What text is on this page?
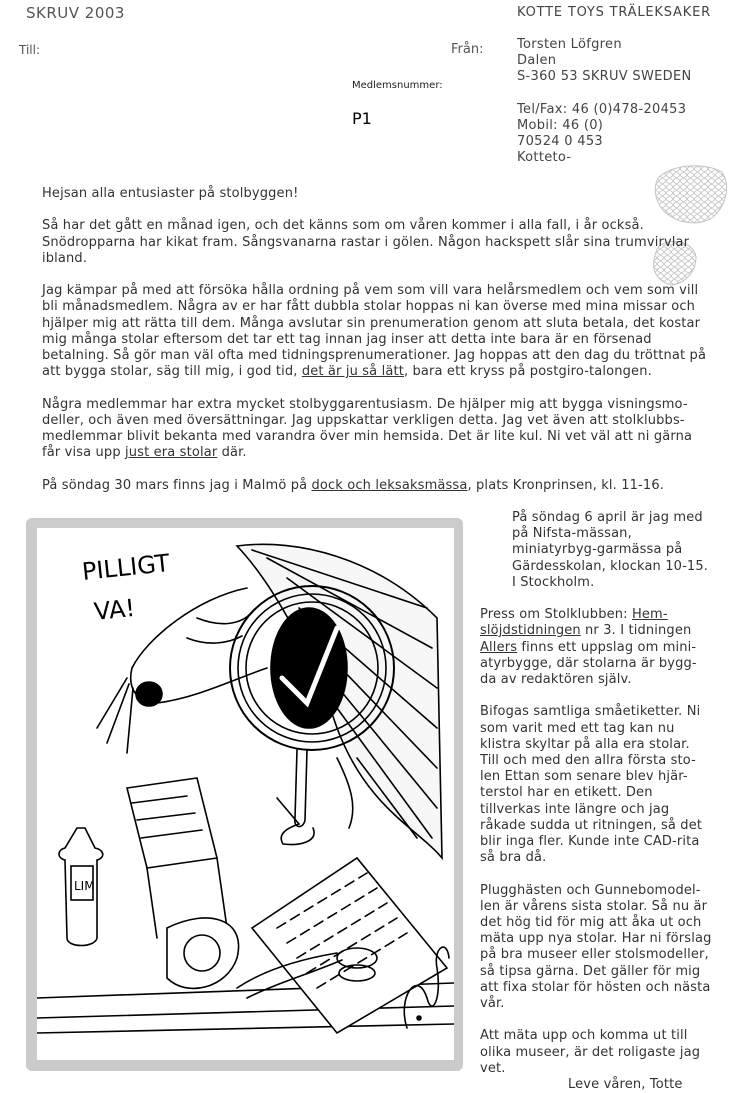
SKRUV 2003
Till:	Från:
Medlemsnummer:
P1
KOTTE TOYS TRÄLEKSAKER
Torsten Löfgren
Dalen
S-360 53 SKRUV SWEDEN
Tel/Fax: 46 (0)478-20453
Mobil: 46 (0)
70524 0 453
Kotteto-

Hejsan alla entusiaster på stolbyggen!

Så har det gått en månad igen, och det känns som om våren kommer i alla fall, i år också. Snödropparna har kikat fram. Sångsvanarna rastar i gölen. Någon hackspett slår sina trumvirvlar ibland.

Jag kämpar på med att försöka hålla ordning på vem som vill vara helårsmedlem och vem som vill bli månadsmedlem. Några av er har fått dubbla stolar hoppas ni kan överse med mina missar och hjälper mig att rätta till dem. Många avslutar sin prenumeration genom att sluta betala, det kostar mig många stolar eftersom det tar ett tag innan jag inser att detta inte bara är en försenad betalning. Så gör man väl ofta med tidningsprenumerationer. Jag hoppas att den dag du tröttnat på att bygga stolar, säg till mig, i god tid, det är ju så lätt, bara ett kryss på postgiro-talongen.

Några medlemmar har extra mycket stolbyggarentusiasm. De hjälper mig att bygga visningsmo-deller, och även med översättningar. Jag uppskattar verkligen detta. Jag vet även att stolklubbs-medlemmar blivit bekanta med varandra över min hemsida. Det är lite kul. Ni vet väl att ni gärna får visa upp just era stolar där.

På söndag 30 mars finns jag i Malmö på dock och leksaksmässa, plats Kronprinsen, kl. 11-16.

PILLIGT
VA!
LIM

På söndag 6 april är jag med på Nifsta-mässan, miniatyrbyg-garmässa på Gärdesskolan, klockan 10-15. I Stockholm.

Press om Stolklubben: Hem-slöjdstidningen nr 3. I tidningen Allers finns ett uppslag om mini-atyrbygge, där stolarna är bygg-da av redaktören själv.

Bifogas samtliga småetiketter. Ni som varit med ett tag kan nu klistra skyltar på alla era stolar. Till och med den allra första sto-len Ettan som senare blev hjär-terstol har en etikett. Den tillverkas inte längre och jag råkade sudda ut ritningen, så det blir inga fler. Kunde inte CAD-rita så bra då.

Plugghästen och Gunnebomodel-len är vårens sista stolar. Så nu är det hög tid för mig att åka ut och mäta upp nya stolar. Har ni förslag på bra museer eller stolsmodeller, så tipsa gärna. Det gäller för mig att fixa stolar för hösten och nästa vår.

Att mäta upp och komma ut till olika museer, är det roligaste jag vet.

Leve våren, Totte
